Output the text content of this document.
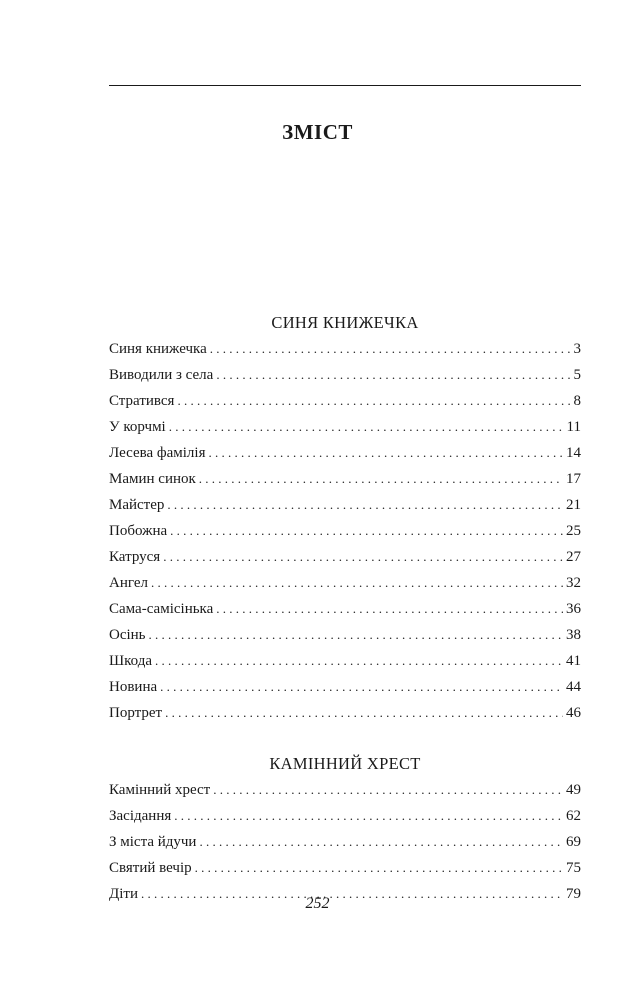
ЗМІСТ
СИНЯ КНИЖЕЧКА
Синя книжечка . . .	3
Виводили з села . . .	5
Стратився . . .	8
У корчмі . . .	11
Лесева фамілія . . .	14
Мамин синок . . .	17
Майстер . . .	21
Побожна . . .	25
Катруся . . .	27
Ангел . . .	32
Сама-самісінька . . .	36
Осінь . . .	38
Шкода . . .	41
Новина . . .	44
Портрет . . .	46
КАМІННИЙ ХРЕСТ
Камінний хрест . . .	49
Засідання . . .	62
З міста йдучи . . .	69
Святий вечір . . .	75
Діти . . .	79
252
